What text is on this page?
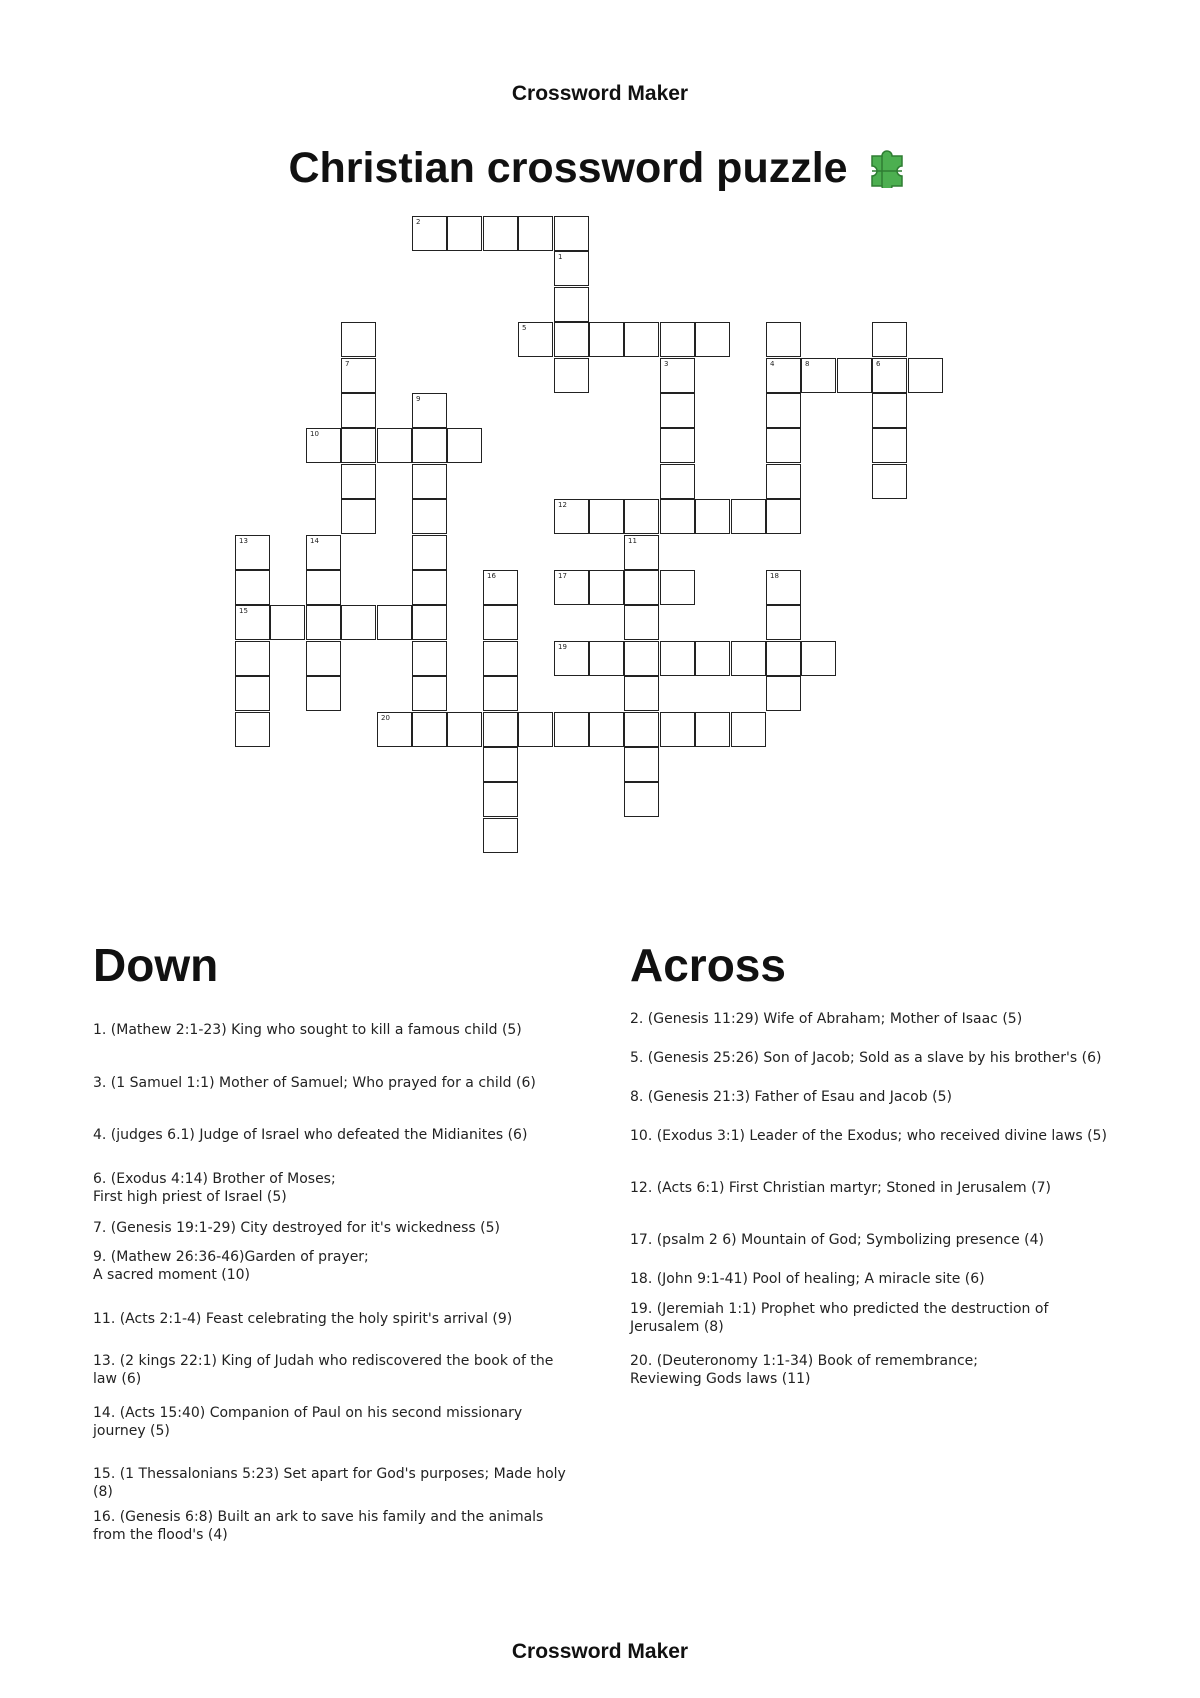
Crossword Maker
Christian crossword puzzle
2
1
7
5
3	4	6
8
10
9
12
11
13
15
14
16	17	18
19
20
Down	Across
1. (Mathew 2:1-23) King who sought to kill a famous child (5)
3. (1 Samuel 1:1) Mother of Samuel; Who prayed for a child (6)
4. (judges 6.1) Judge of Israel who defeated the Midianites (6)
6. (Exodus 4:14) Brother of Moses;
First high priest of Israel (5)
7. (Genesis 19:1-29) City destroyed for it's wickedness (5)
9. (Mathew 26:36-46)Garden of prayer;
A sacred moment (10)
11. (Acts 2:1-4) Feast celebrating the holy spirit's arrival (9)
13. (2 kings 22:1) King of Judah who rediscovered the book of the law (6)
14. (Acts 15:40) Companion of Paul on his second missionary journey (5)
15. (1 Thessalonians 5:23) Set apart for God's purposes; Made holy (8)
16. (Genesis 6:8) Built an ark to save his family and the animals from the flood's (4)
2. (Genesis 11:29) Wife of Abraham; Mother of Isaac (5)
5. (Genesis 25:26) Son of Jacob; Sold as a slave by his brother's (6)
8. (Genesis 21:3) Father of Esau and Jacob (5)
10. (Exodus 3:1) Leader of the Exodus; who received divine laws (5)
12. (Acts 6:1) First Christian martyr; Stoned in Jerusalem (7)
17. (psalm 2 6) Mountain of God; Symbolizing presence (4)
18. (John 9:1-41) Pool of healing; A miracle site (6)
19. (Jeremiah 1:1) Prophet who predicted the destruction of Jerusalem (8)
20. (Deuteronomy 1:1-34) Book of remembrance;
Reviewing Gods laws (11)
Crossword Maker
